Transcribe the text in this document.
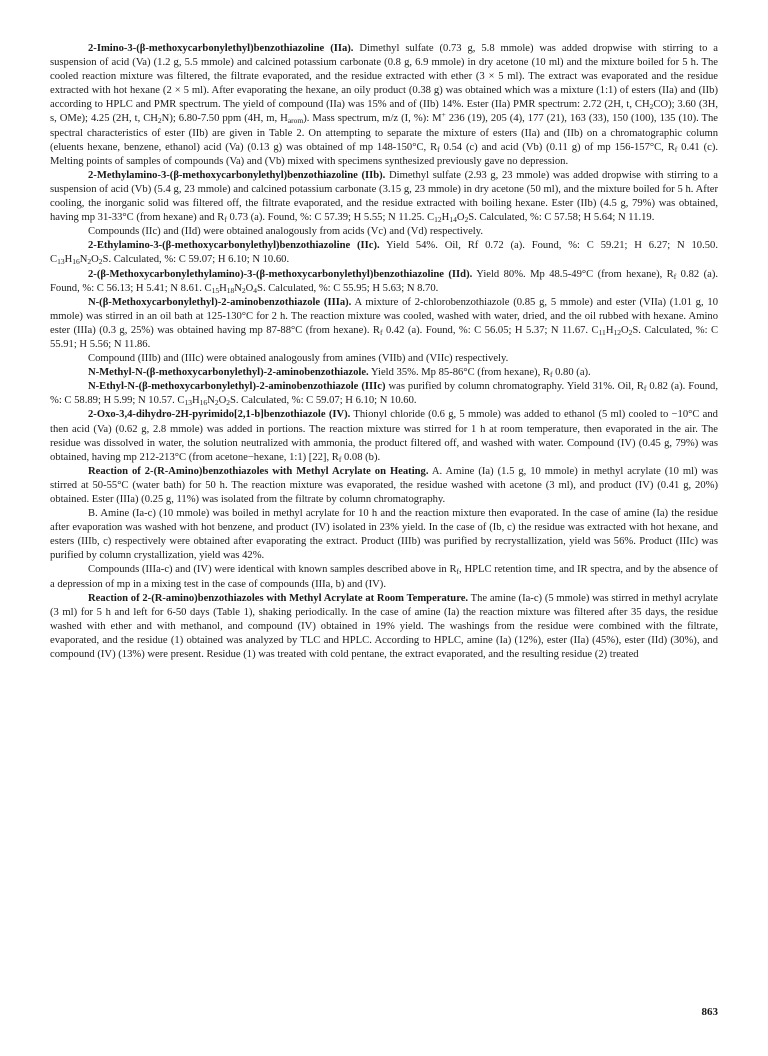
2-Imino-3-(β-methoxycarbonylethyl)benzothiazoline (IIa). Dimethyl sulfate (0.73 g, 5.8 mmole) was added dropwise with stirring to a suspension of acid (Va) (1.2 g, 5.5 mmole) and calcined potassium carbonate (0.8 g, 6.9 mmole) in dry acetone (10 ml) and the mixture boiled for 5 h. The cooled reaction mixture was filtered, the filtrate evaporated, and the residue extracted with ether (3 × 5 ml). The extract was evaporated and the residue extracted with hot hexane (2 × 5 ml). After evaporating the hexane, an oily product (0.38 g) was obtained which was a mixture (1:1) of esters (IIa) and (IIb) according to HPLC and PMR spectrum. The yield of compound (IIa) was 15% and of (IIb) 14%. Ester (IIa) PMR spectrum: 2.72 (2H, t, $CH_2CO$); 3.60 (3H, s, OMe); 4.25 (2H, t, $CH_2N$); 6.80-7.50 ppm (4H, m, $H_{arom}$). Mass spectrum, m/z (I, %): M+ 236 (19), 205 (4), 177 (21), 163 (33), 150 (100), 135 (10). The spectral characteristics of ester (IIb) are given in Table 2. On attempting to separate the mixture of esters (IIa) and (IIb) on a chromatographic column (eluents hexane, benzene, ethanol) acid (Va) (0.13 g) was obtained of mp 148-150°C, $R_f$ 0.54 (c) and acid (Vb) (0.11 g) of mp 156-157°C, $R_f$ 0.41 (c). Melting points of samples of compounds (Va) and (Vb) mixed with specimens synthesized previously gave no depression.

2-Methylamino-3-(β-methoxycarbonylethyl)benzothiazoline (IIb). Dimethyl sulfate (2.93 g, 23 mmole) was added dropwise with stirring to a suspension of acid (Vb) (5.4 g, 23 mmole) and calcined potassium carbonate (3.15 g, 23 mmole) in dry acetone (50 ml), and the mixture boiled for 5 h. After cooling, the inorganic solid was filtered off, the filtrate evaporated, and the residue extracted with boiling hexane. Ester (IIb) (4.5 g, 79%) was obtained, having mp 31-33°C (from hexane) and $R_f$ 0.73 (a). Found, %: C 57.39; H 5.55; N 11.25. $C_{12}H_{14}O_2S$. Calculated, %: C 57.58; H 5.64; N 11.19.

Compounds (IIc) and (IId) were obtained analogously from acids (Vc) and (Vd) respectively.

2-Ethylamino-3-(β-methoxycarbonylethyl)benzothiazoline (IIc). Yield 54%. Oil, Rf 0.72 (a). Found, %: C 59.21; H 6.27; N 10.50. $C_{13}H_{16}N_2O_2S$. Calculated, %: C 59.07; H 6.10; N 10.60.

2-(β-Methoxycarbonylethylamino)-3-(β-methoxycarbonylethyl)benzothiazoline (IId). Yield 80%. Mp 48.5-49°C (from hexane), $R_f$ 0.82 (a). Found, %: C 56.13; H 5.41; N 8.61. $C_{15}H_{18}N_2O_4S$. Calculated, %: C 55.95; H 5.63; N 8.70.

N-(β-Methoxycarbonylethyl)-2-aminobenzothiazole (IIIa). A mixture of 2-chlorobenzothiazole (0.85 g, 5 mmole) and ester (VIIa) (1.01 g, 10 mmole) was stirred in an oil bath at 125-130°C for 2 h. The reaction mixture was cooled, washed with water, dried, and the oil rubbed with hexane. Amino ester (IIIa) (0.3 g, 25%) was obtained having mp 87-88°C (from hexane). $R_f$ 0.42 (a). Found, %: C 56.05; H 5.37; N 11.67. $C_{11}H_{12}O_2S$. Calculated, %: C 55.91; H 5.56; N 11.86.

Compound (IIIb) and (IIIc) were obtained analogously from amines (VIIb) and (VIIc) respectively.

N-Methyl-N-(β-methoxycarbonylethyl)-2-aminobenzothiazole. Yield 35%. Mp 85-86°C (from hexane), $R_f$ 0.80 (a).

N-Ethyl-N-(β-methoxycarbonylethyl)-2-aminobenzothiazole (IIIc) was purified by column chromatography. Yield 31%. Oil, $R_f$ 0.82 (a). Found, %: C 58.89; H 5.99; N 10.57. $C_{13}H_{16}N_2O_2S$. Calculated, %: C 59.07; H 6.10; N 10.60.

2-Oxo-3,4-dihydro-2H-pyrimido[2,1-b]benzothiazole (IV). Thionyl chloride (0.6 g, 5 mmole) was added to ethanol (5 ml) cooled to −10°C and then acid (Va) (0.62 g, 2.8 mmole) was added in portions. The reaction mixture was stirred for 1 h at room temperature, then evaporated in the air. The residue was dissolved in water, the solution neutralized with ammonia, the product filtered off, and washed with water. Compound (IV) (0.45 g, 79%) was obtained, having mp 212-213°C (from acetone−hexane, 1:1) [22], $R_f$ 0.08 (b).

Reaction of 2-(R-Amino)benzothiazoles with Methyl Acrylate on Heating. A. Amine (Ia) (1.5 g, 10 mmole) in methyl acrylate (10 ml) was stirred at 50-55°C (water bath) for 50 h. The reaction mixture was evaporated, the residue washed with acetone (3 ml), and product (IV) (0.41 g, 20%) obtained. Ester (IIIa) (0.25 g, 11%) was isolated from the filtrate by column chromatography.

B. Amine (Ia-c) (10 mmole) was boiled in methyl acrylate for 10 h and the reaction mixture then evaporated. In the case of amine (Ia) the residue after evaporation was washed with hot benzene, and product (IV) isolated in 23% yield. In the case of (Ib, c) the residue was extracted with hot hexane, and esters (IIIb, c) respectively were obtained after evaporating the extract. Product (IIIb) was purified by recrystallization, yield was 56%. Product (IIIc) was purified by column crystallization, yield was 42%.

Compounds (IIIa-c) and (IV) were identical with known samples described above in $R_f$, HPLC retention time, and IR spectra, and by the absence of a depression of mp in a mixing test in the case of compounds (IIIa, b) and (IV).

Reaction of 2-(R-amino)benzothiazoles with Methyl Acrylate at Room Temperature. The amine (Ia-c) (5 mmole) was stirred in methyl acrylate (3 ml) for 5 h and left for 6-50 days (Table 1), shaking periodically. In the case of amine (Ia) the reaction mixture was filtered after 35 days, the residue washed with ether and with methanol, and compound (IV) obtained in 19% yield. The washings from the residue were combined with the filtrate, evaporated, and the residue (1) obtained was analyzed by TLC and HPLC. According to HPLC, amine (Ia) (12%), ester (IIa) (45%), ester (IId) (30%), and compound (IV) (13%) were present. Residue (1) was treated with cold pentane, the extract evaporated, and the resulting residue (2) treated

863
